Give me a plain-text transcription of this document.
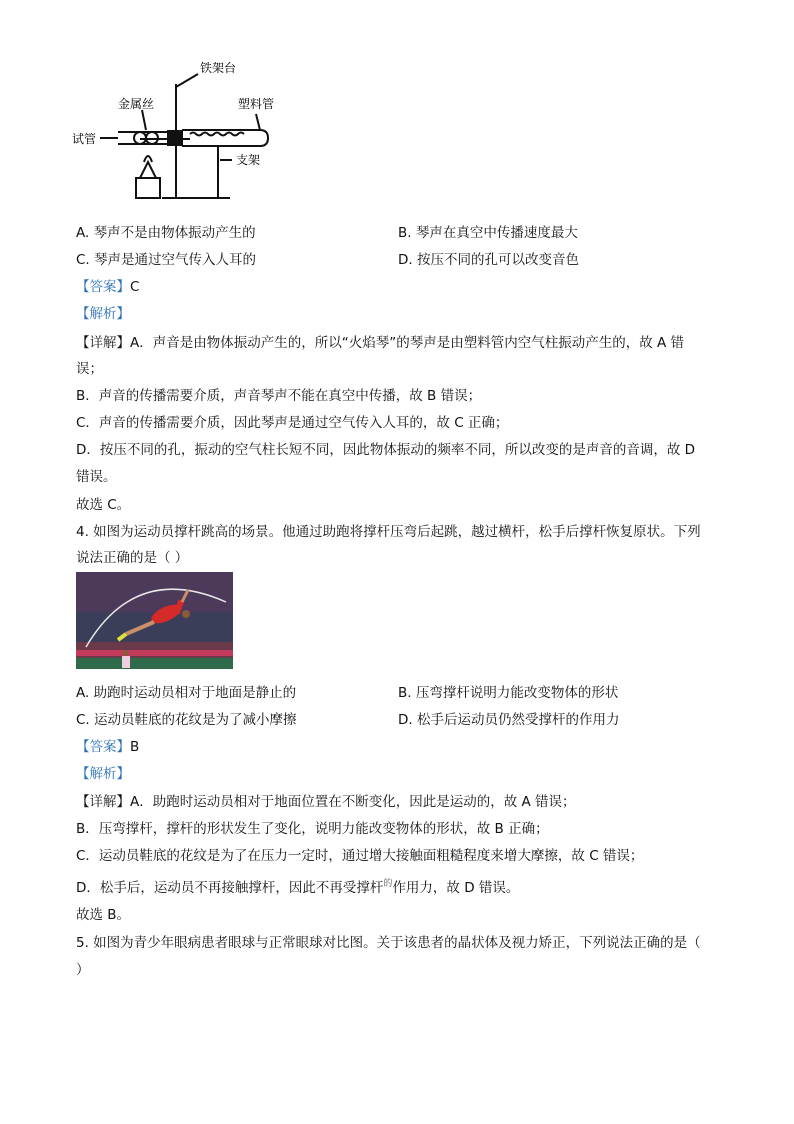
铁架台
金属丝	塑料管
试管
支架
A. 琴声不是由物体振动产生的	B. 琴声在真空中传播速度最大
C. 琴声是通过空气传入人耳的	D. 按压不同的孔可以改变音色
【答案】C
【解析】
【详解】A．声音是由物体振动产生的，所以“火焰琴”的琴声是由塑料管内空气柱振动产生的，故 A 错
误；
B．声音的传播需要介质，声音琴声不能在真空中传播，故 B 错误；
C．声音的传播需要介质，因此琴声是通过空气传入人耳的，故 C 正确；
D．按压不同的孔，振动的空气柱长短不同，因此物体振动的频率不同，所以改变的是声音的音调，故 D
错误。
故选 C。
4. 如图为运动员撑杆跳高的场景。他通过助跑将撑杆压弯后起跳，越过横杆，松手后撑杆恢复原状。下列
说法正确的是（ ）
A. 助跑时运动员相对于地面是静止的	B. 压弯撑杆说明力能改变物体的形状
C. 运动员鞋底的花纹是为了减小摩擦	D. 松手后运动员仍然受撑杆的作用力
【答案】B
【解析】
【详解】A．助跑时运动员相对于地面位置在不断变化，因此是运动的，故 A 错误；
B．压弯撑杆，撑杆的形状发生了变化，说明力能改变物体的形状，故 B 正确；
C．运动员鞋底的花纹是为了在压力一定时，通过增大接触面粗糙程度来增大摩擦，故 C 错误；
D．松手后，运动员不再接触撑杆，因此不再受撑杆$^的$作用力，故 D 错误。
故选 B。
5. 如图为青少年眼病患者眼球与正常眼球对比图。关于该患者的晶状体及视力矫正，下列说法正确的是（
）
